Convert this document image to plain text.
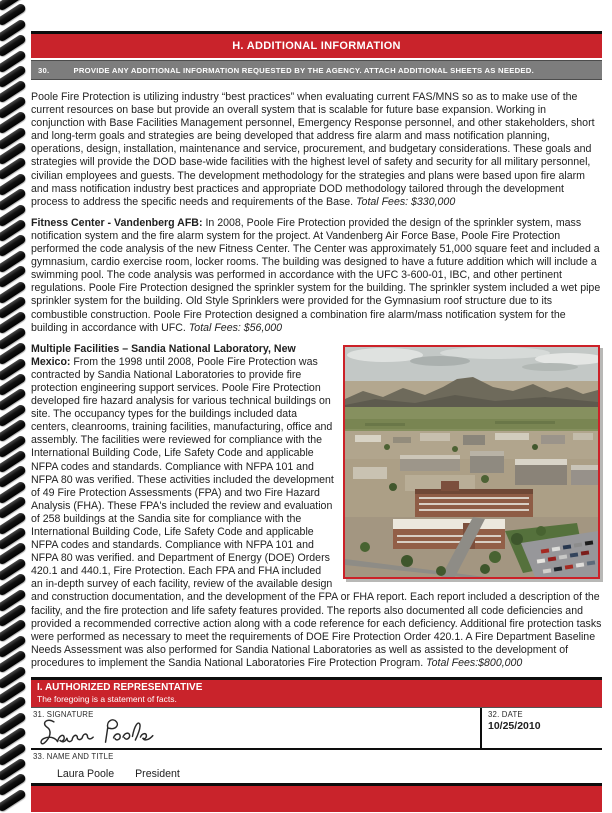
H. ADDITIONAL INFORMATION
30.	PROVIDE ANY ADDITIONAL INFORMATION REQUESTED BY THE AGENCY. ATTACH ADDITIONAL SHEETS AS NEEDED.

Poole Fire Protection is utilizing industry “best practices” when evaluating current FAS/MNS so as to make use of the current resources on base but provide an overall system that is scalable for future base expansion. Working in conjunction with Base Facilities Management personnel, Emergency Response personnel, and other stakeholders, short and long-term goals and strategies are being developed that address fire alarm and mass notification planning, operations, design, installation, maintenance and service, procurement, and budgetary considerations. These goals and strategies will provide the DOD base-wide facilities with the highest level of safety and security for all military personnel, civilian employees and guests. The development methodology for the strategies and plans were based upon fire alarm and mass notification industry best practices and appropriate DOD methodology tailored through the development process to address the specific needs and requirements of the Base. Total Fees: $330,000

Fitness Center - Vandenberg AFB: In 2008, Poole Fire Protection provided the design of the sprinkler system, mass notification system and the fire alarm system for the project. At Vandenberg Air Force Base, Poole Fire Protection performed the code analysis of the new Fitness Center. The Center was approximately 51,000 square feet and included a gymnasium, cardio exercise room, locker rooms. The building was designed to have a future addition which will include a swimming pool. The code analysis was performed in accordance with the UFC 3-600-01, IBC, and other pertinent regulations. Poole Fire Protection designed the sprinkler system for the building. The sprinkler system included a wet pipe sprinkler system for the building. Old Style Sprinklers were provided for the Gymnasium roof structure due to its combustible construction. Poole Fire Protection designed a combination fire alarm/mass notification system for the building in accordance with UFC. Total Fees: $56,000

Multiple Facilities – Sandia National Laboratory, New Mexico: From the 1998 until 2008, Poole Fire Protection was contracted by Sandia National Laboratories to provide fire protection engineering support services. Poole Fire Protection developed fire hazard analysis for various technical buildings on site. The occupancy types for the buildings included data centers, cleanrooms, training facilities, manufacturing, office and assembly. The facilities were reviewed for compliance with the International Building Code, Life Safety Code and applicable NFPA codes and standards. Compliance with NFPA 101 and NFPA 80 was verified. These activities included the development of 49 Fire Protection Assessments (FPA) and two Fire Hazard Analysis (FHA). These FPA's included the review and evaluation of 258 buildings at the Sandia site for compliance with the International Building Code, Life Safety Code and applicable NFPA codes and standards. Compliance with NFPA 101 and NFPA 80 was verified. and Department of Energy (DOE) Orders 420.1 and 440.1, Fire Protection. Each FPA and FHA included an in-depth survey of each facility, review of the available design and construction documentation, and the development of the FPA or FHA report. Each report included a description of the facility, and the fire protection and life safety features provided. The reports also documented all code deficiencies and provided a recommended corrective action along with a code reference for each deficiency. Additional fire protection tasks were performed as necessary to meet the requirements of DOE Fire Protection Order 420.1. A Fire Department Baseline Needs Assessment was also performed for Sandia National Laboratories as well as assisted to the development of procedures to implement the Sandia National Laboratories Fire Protection Program. Total Fees:$800,000

I. AUTHORIZED REPRESENTATIVE
The foregoing is a statement of facts.
31. SIGNATURE	32. DATE
10/25/2010
33. NAME AND TITLE
Laura Poole President
